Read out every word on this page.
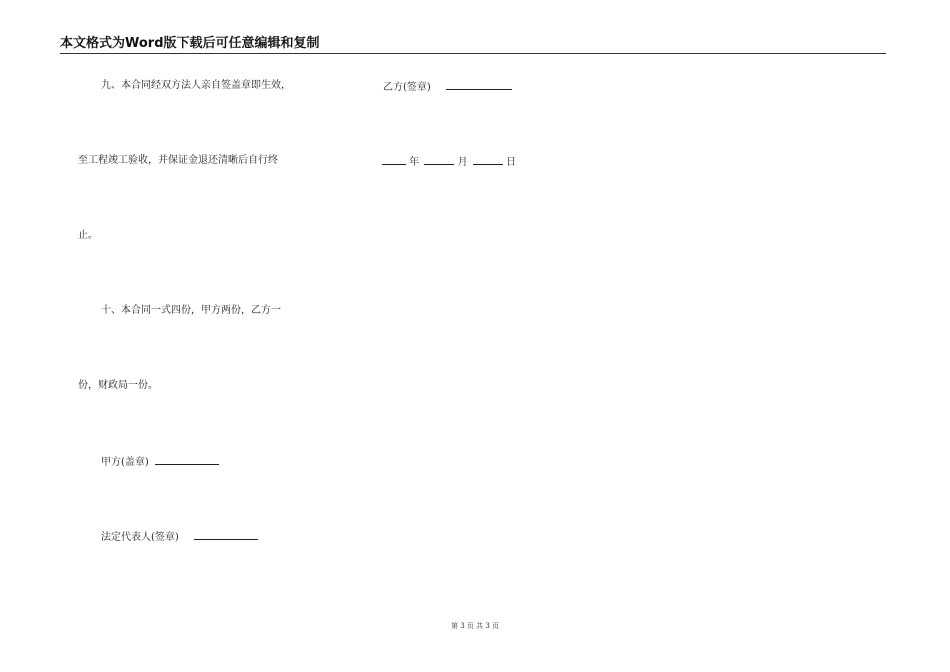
本文格式为Word版下载后可任意编辑和复制
九、本合同经双方法人亲自签盖章即生效，
至工程竣工验收，并保证金退还清晰后自行终
止。
十、本合同一式四份，甲方两份，乙方一
份，财政局一份。
甲方(盖章)
法定代表人(签章)
乙方(签章)
年	月	日
第 3 页 共 3 页
